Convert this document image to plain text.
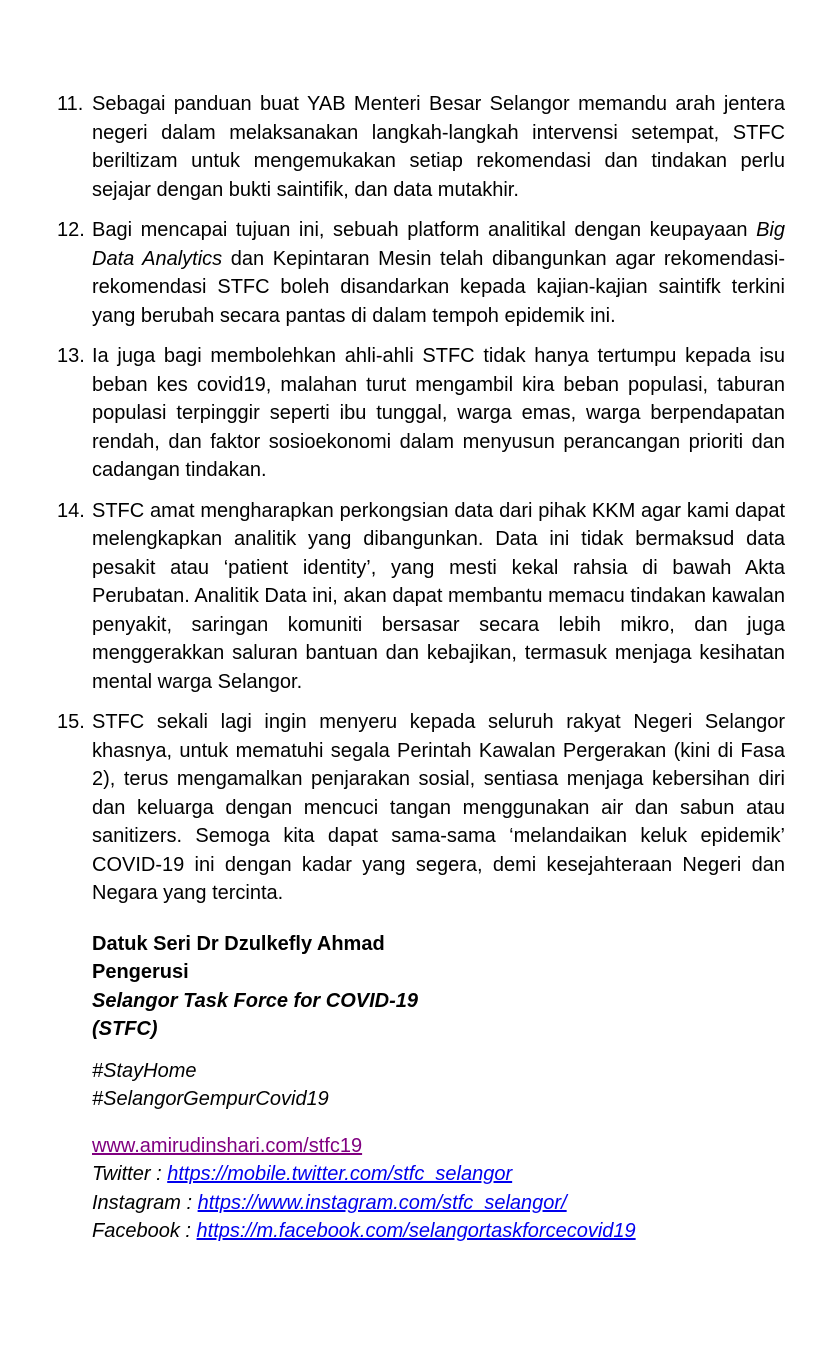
11. Sebagai panduan buat YAB Menteri Besar Selangor memandu arah jentera negeri dalam melaksanakan langkah-langkah intervensi setempat, STFC beriltizam untuk mengemukakan setiap rekomendasi dan tindakan perlu sejajar dengan bukti saintifik, dan data mutakhir.
12. Bagi mencapai tujuan ini, sebuah platform analitikal dengan keupayaan Big Data Analytics dan Kepintaran Mesin telah dibangunkan agar rekomendasi-rekomendasi STFC boleh disandarkan kepada kajian-kajian saintifk terkini yang berubah secara pantas di dalam tempoh epidemik ini.
13. Ia juga bagi membolehkan ahli-ahli STFC tidak hanya tertumpu kepada isu beban kes covid19, malahan turut mengambil kira beban populasi, taburan populasi terpinggir seperti ibu tunggal, warga emas, warga berpendapatan rendah, dan faktor sosioekonomi dalam menyusun perancangan prioriti dan cadangan tindakan.
14. STFC amat mengharapkan perkongsian data dari pihak KKM agar kami dapat melengkapkan analitik yang dibangunkan. Data ini tidak bermaksud data pesakit atau ‘patient identity’, yang mesti kekal rahsia di bawah Akta Perubatan. Analitik Data ini, akan dapat membantu memacu tindakan kawalan penyakit, saringan komuniti bersasar secara lebih mikro, dan juga menggerakkan saluran bantuan dan kebajikan, termasuk menjaga kesihatan mental warga Selangor.
15. STFC sekali lagi ingin menyeru kepada seluruh rakyat Negeri Selangor khasnya, untuk mematuhi segala Perintah Kawalan Pergerakan (kini di Fasa 2), terus mengamalkan penjarakan sosial, sentiasa menjaga kebersihan diri dan keluarga dengan mencuci tangan menggunakan air dan sabun atau sanitizers. Semoga kita dapat sama-sama ‘melandaikan keluk epidemik’ COVID-19 ini dengan kadar yang segera, demi kesejahteraan Negeri dan Negara yang tercinta.
Datuk Seri Dr Dzulkefly Ahmad
Pengerusi
Selangor Task Force for COVID-19
(STFC)
#StayHome
#SelangorGempurCovid19
www.amirudinshari.com/stfc19
Twitter : https://mobile.twitter.com/stfc_selangor
Instagram : https://www.instagram.com/stfc_selangor/
Facebook : https://m.facebook.com/selangortaskforcecovid19
